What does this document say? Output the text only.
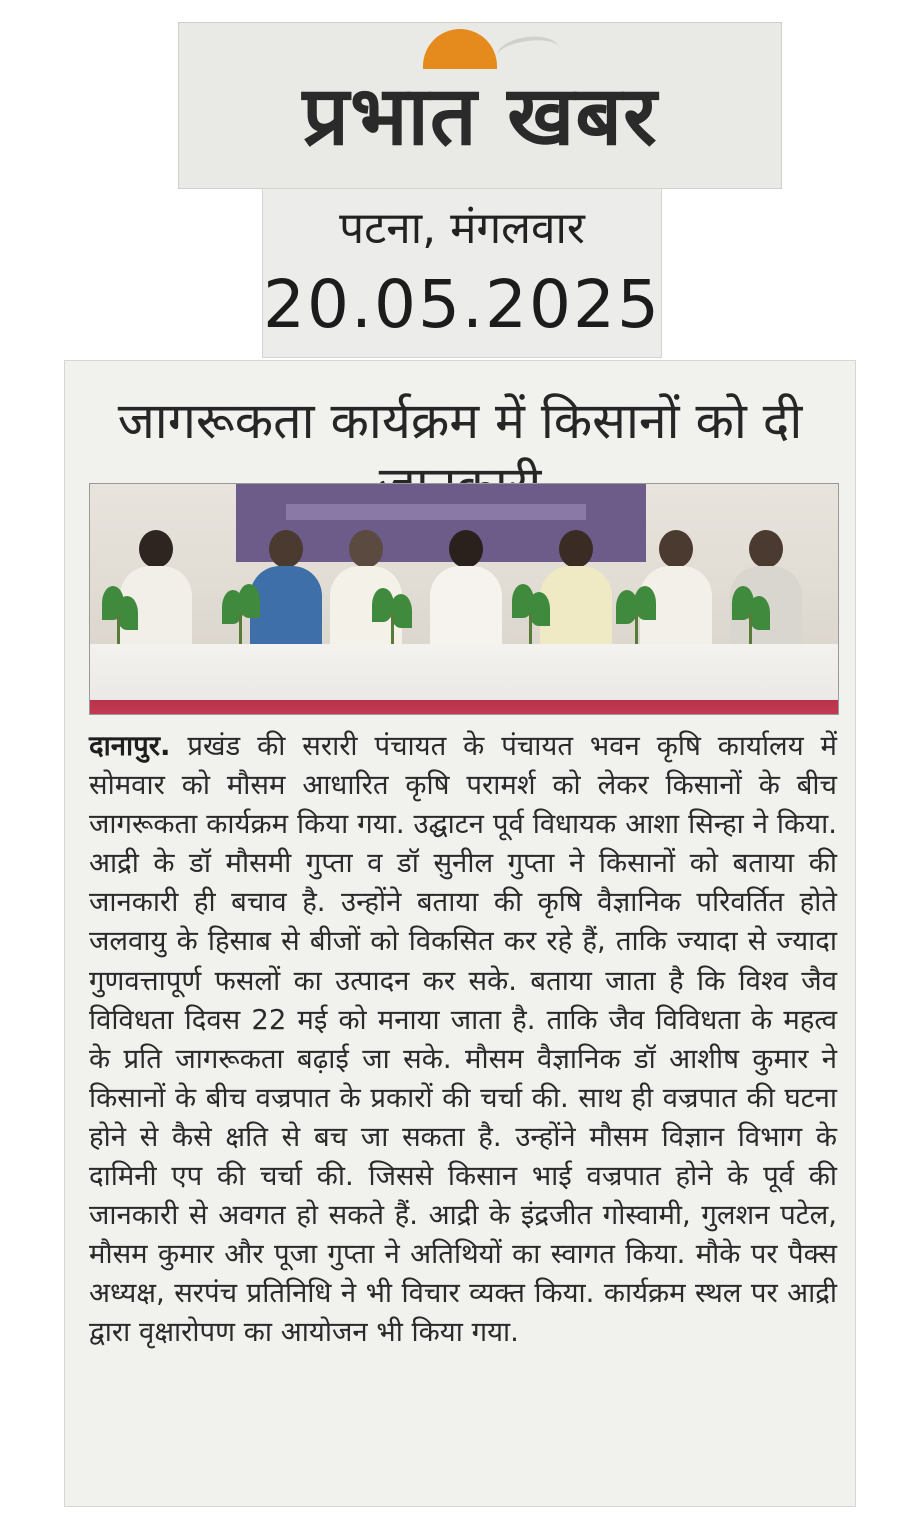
प्रभात खबर
पटना, मंगलवार
20.05.2025
जागरूकता कार्यक्रम में किसानों को दी

दानापुर. प्रखंड की सरारी पंचायत के पंचायत भवन कृषि कार्यालय में सोमवार को मौसम आधारित कृषि परामर्श को लेकर किसानों के बीच जागरूकता कार्यक्रम किया गया. उद्घाटन पूर्व विधायक आशा सिन्हा ने किया. आद्री के डॉ मौसमी गुप्ता व डॉ सुनील गुप्ता ने किसानों को बताया की जानकारी ही बचाव है. उन्होंने बताया की कृषि वैज्ञानिक परिवर्तित होते जलवायु के हिसाब से बीजों को विकसित कर रहे हैं, ताकि ज्यादा से ज्यादा गुणवत्तापूर्ण फसलों का उत्पादन कर सके. बताया जाता है कि विश्व जैव विविधता दिवस 22 मई को मनाया जाता है. ताकि जैव विविधता के महत्व के प्रति जागरूकता बढ़ाई जा सके. मौसम वैज्ञानिक डॉ आशीष कुमार ने किसानों के बीच वज्रपात के प्रकारों की चर्चा की. साथ ही वज्रपात की घटना होने से कैसे क्षति से बच जा सकता है. उन्होंने मौसम विज्ञान विभाग के दामिनी एप की चर्चा की. जिससे किसान भाई वज्रपात होने के पूर्व की जानकारी से अवगत हो सकते हैं. आद्री के इंद्रजीत गोस्वामी, गुलशन पटेल, मौसम कुमार और पूजा गुप्ता ने अतिथियों का स्वागत किया. मौके पर पैक्स अध्यक्ष, सरपंच प्रतिनिधि ने भी विचार व्यक्त किया. कार्यक्रम स्थल पर आद्री द्वारा वृक्षारोपण का आयोजन भी किया गया.
